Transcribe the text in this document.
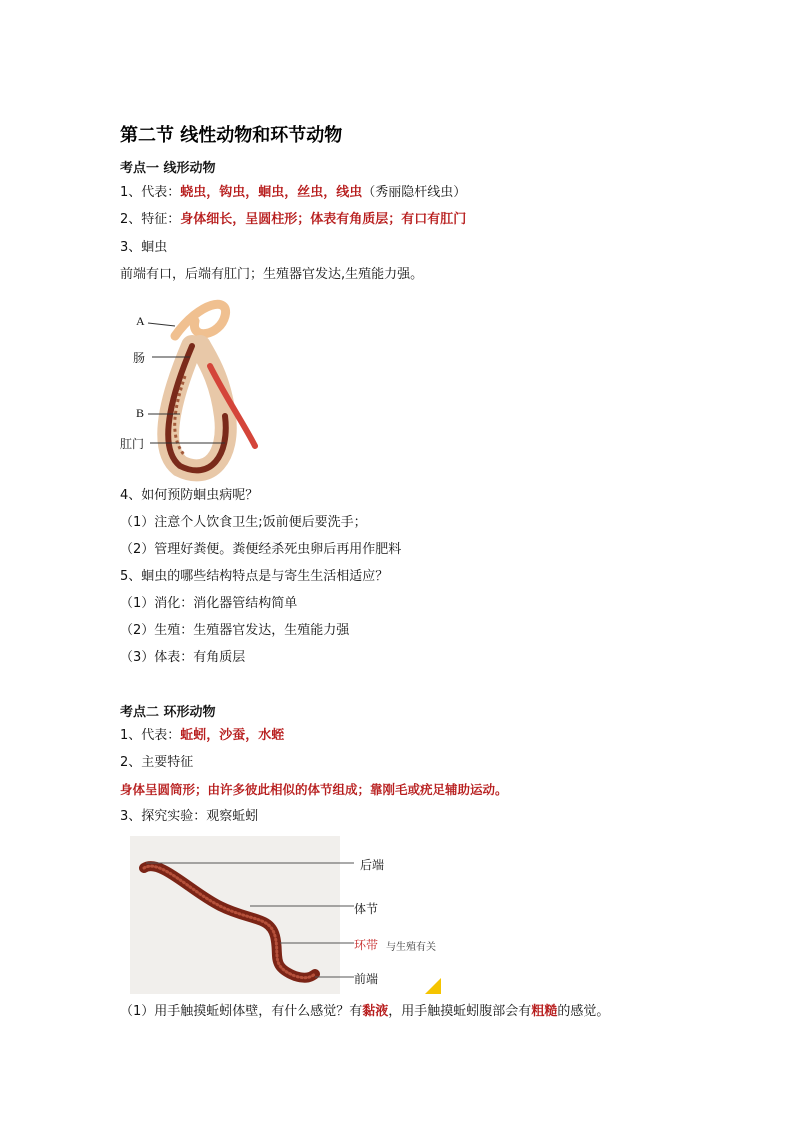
第二节 线性动物和环节动物
考点一 线形动物
1、代表：蛲虫，钩虫，蛔虫，丝虫，线虫（秀丽隐杆线虫）
2、特征：身体细长，呈圆柱形；体表有角质层；有口有肛门
3、蛔虫
前端有口，后端有肛门；生殖器官发达,生殖能力强。
A
肠
B
肛门
4、如何预防蛔虫病呢？
（1）注意个人饮食卫生;饭前便后要洗手；
（2）管理好粪便。粪便经杀死虫卵后再用作肥料
5、蛔虫的哪些结构特点是与寄生生活相适应？
（1）消化：消化器管结构简单
（2）生殖：生殖器官发达，生殖能力强
（3）体表：有角质层
考点二 环形动物
1、代表：蚯蚓，沙蚕，水蛭
2、主要特征
身体呈圆筒形；由许多彼此相似的体节组成；靠刚毛或疣足辅助运动。
3、探究实验：观察蚯蚓
后端
体节
环带 与生殖有关
前端
（1）用手触摸蚯蚓体壁，有什么感觉？有黏液，用手触摸蚯蚓腹部会有粗糙的感觉。
